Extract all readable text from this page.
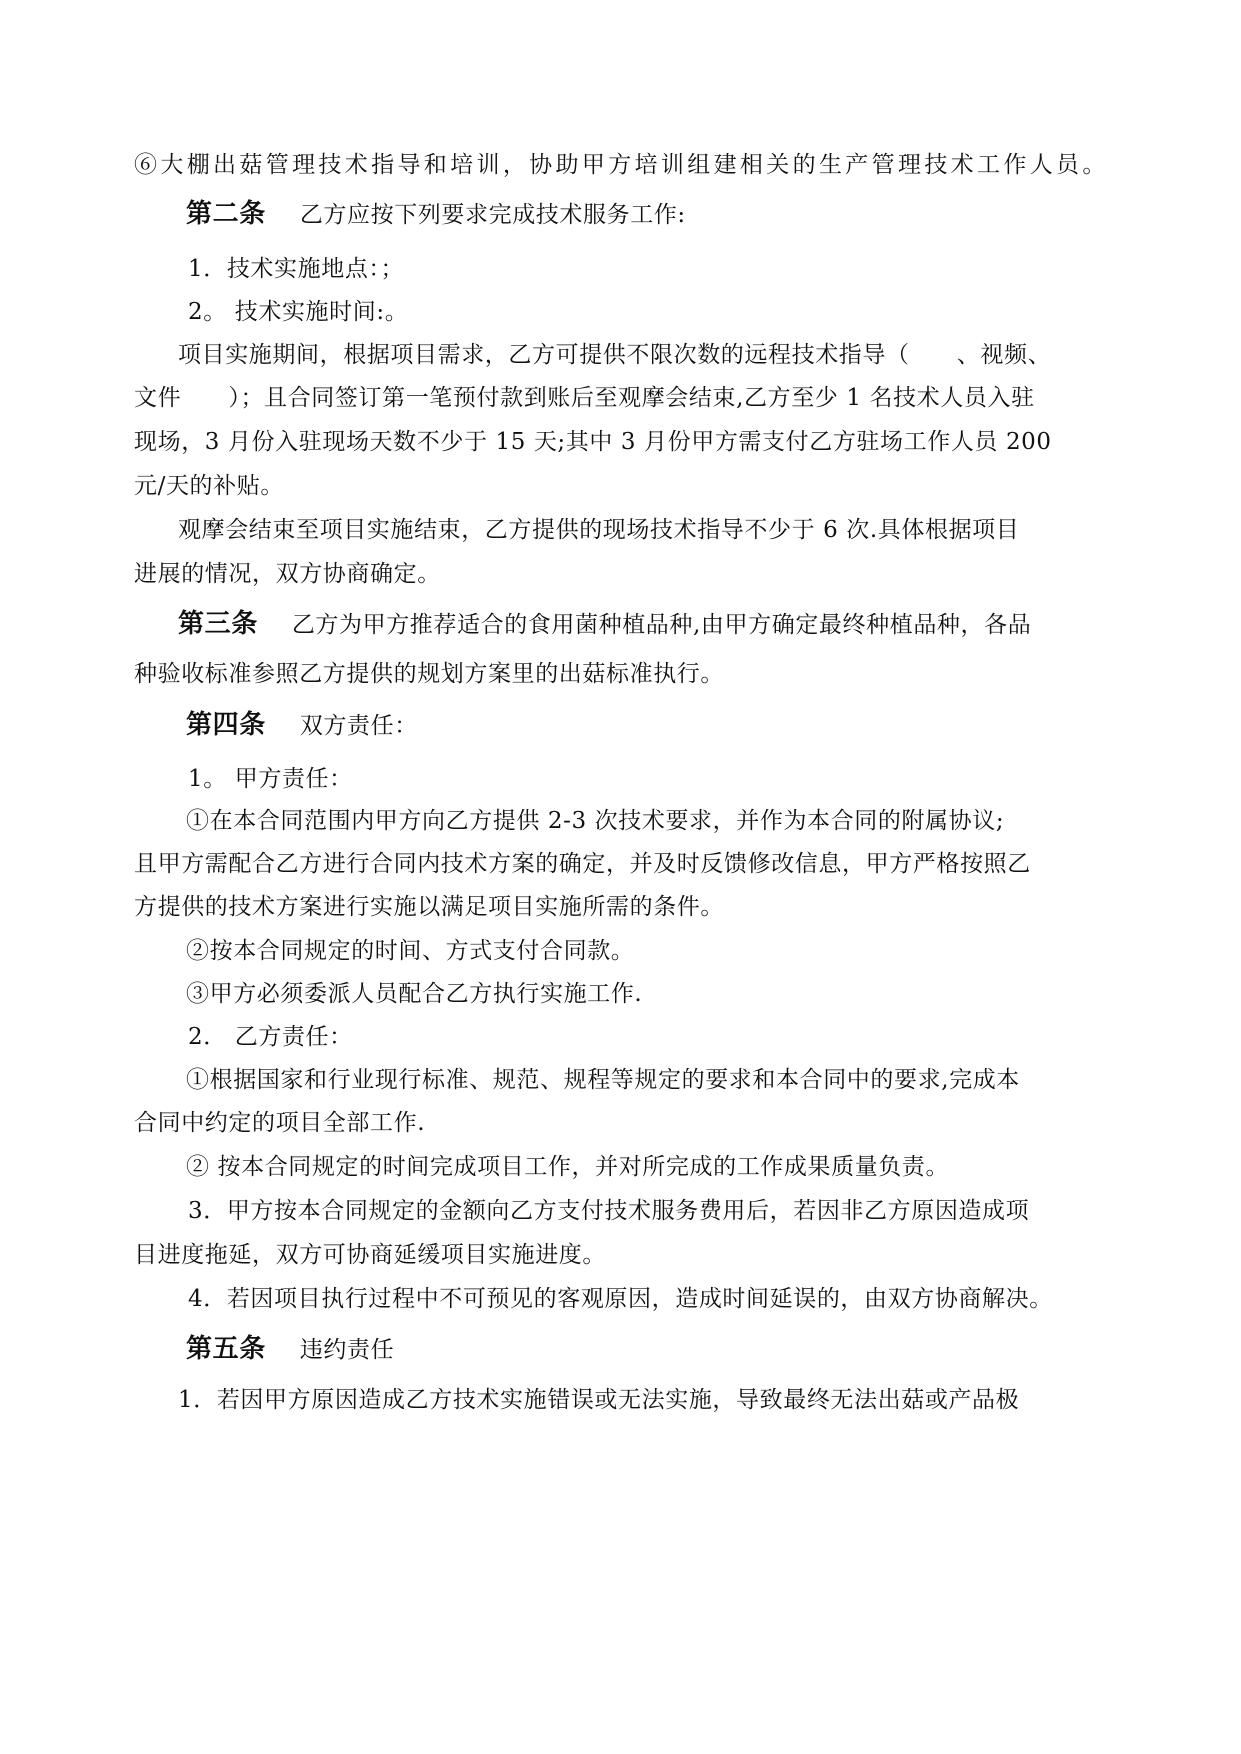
⑥大棚出菇管理技术指导和培训，协助甲方培训组建相关的生产管理技术工作人员。
第二条 乙方应按下列要求完成技术服务工作:
1．技术实施地点：；
2。 技术实施时间:。
项目实施期间，根据项目需求，乙方可提供不限次数的远程技术指导（　　、视频、
文件　　）；且合同签订第一笔预付款到账后至观摩会结束,乙方至少 1 名技术人员入驻
现场，3 月份入驻现场天数不少于 15 天;其中 3 月份甲方需支付乙方驻场工作人员 200
元/天的补贴。
观摩会结束至项目实施结束，乙方提供的现场技术指导不少于 6 次.具体根据项目
进展的情况，双方协商确定。
第三条 乙方为甲方推荐适合的食用菌种植品种,由甲方确定最终种植品种，各品
种验收标准参照乙方提供的规划方案里的出菇标准执行。
第四条 双方责任：
1。 甲方责任：
①在本合同范围内甲方向乙方提供 2-3 次技术要求，并作为本合同的附属协议;
且甲方需配合乙方进行合同内技术方案的确定，并及时反馈修改信息，甲方严格按照乙
方提供的技术方案进行实施以满足项目实施所需的条件。
②按本合同规定的时间、方式支付合同款。
③甲方必须委派人员配合乙方执行实施工作.
2． 乙方责任：
①根据国家和行业现行标准、规范、规程等规定的要求和本合同中的要求,完成本
合同中约定的项目全部工作.
② 按本合同规定的时间完成项目工作，并对所完成的工作成果质量负责。
3．甲方按本合同规定的金额向乙方支付技术服务费用后，若因非乙方原因造成项
目进度拖延，双方可协商延缓项目实施进度。
4．若因项目执行过程中不可预见的客观原因，造成时间延误的，由双方协商解决。
第五条 违约责任
1．若因甲方原因造成乙方技术实施错误或无法实施，导致最终无法出菇或产品极
